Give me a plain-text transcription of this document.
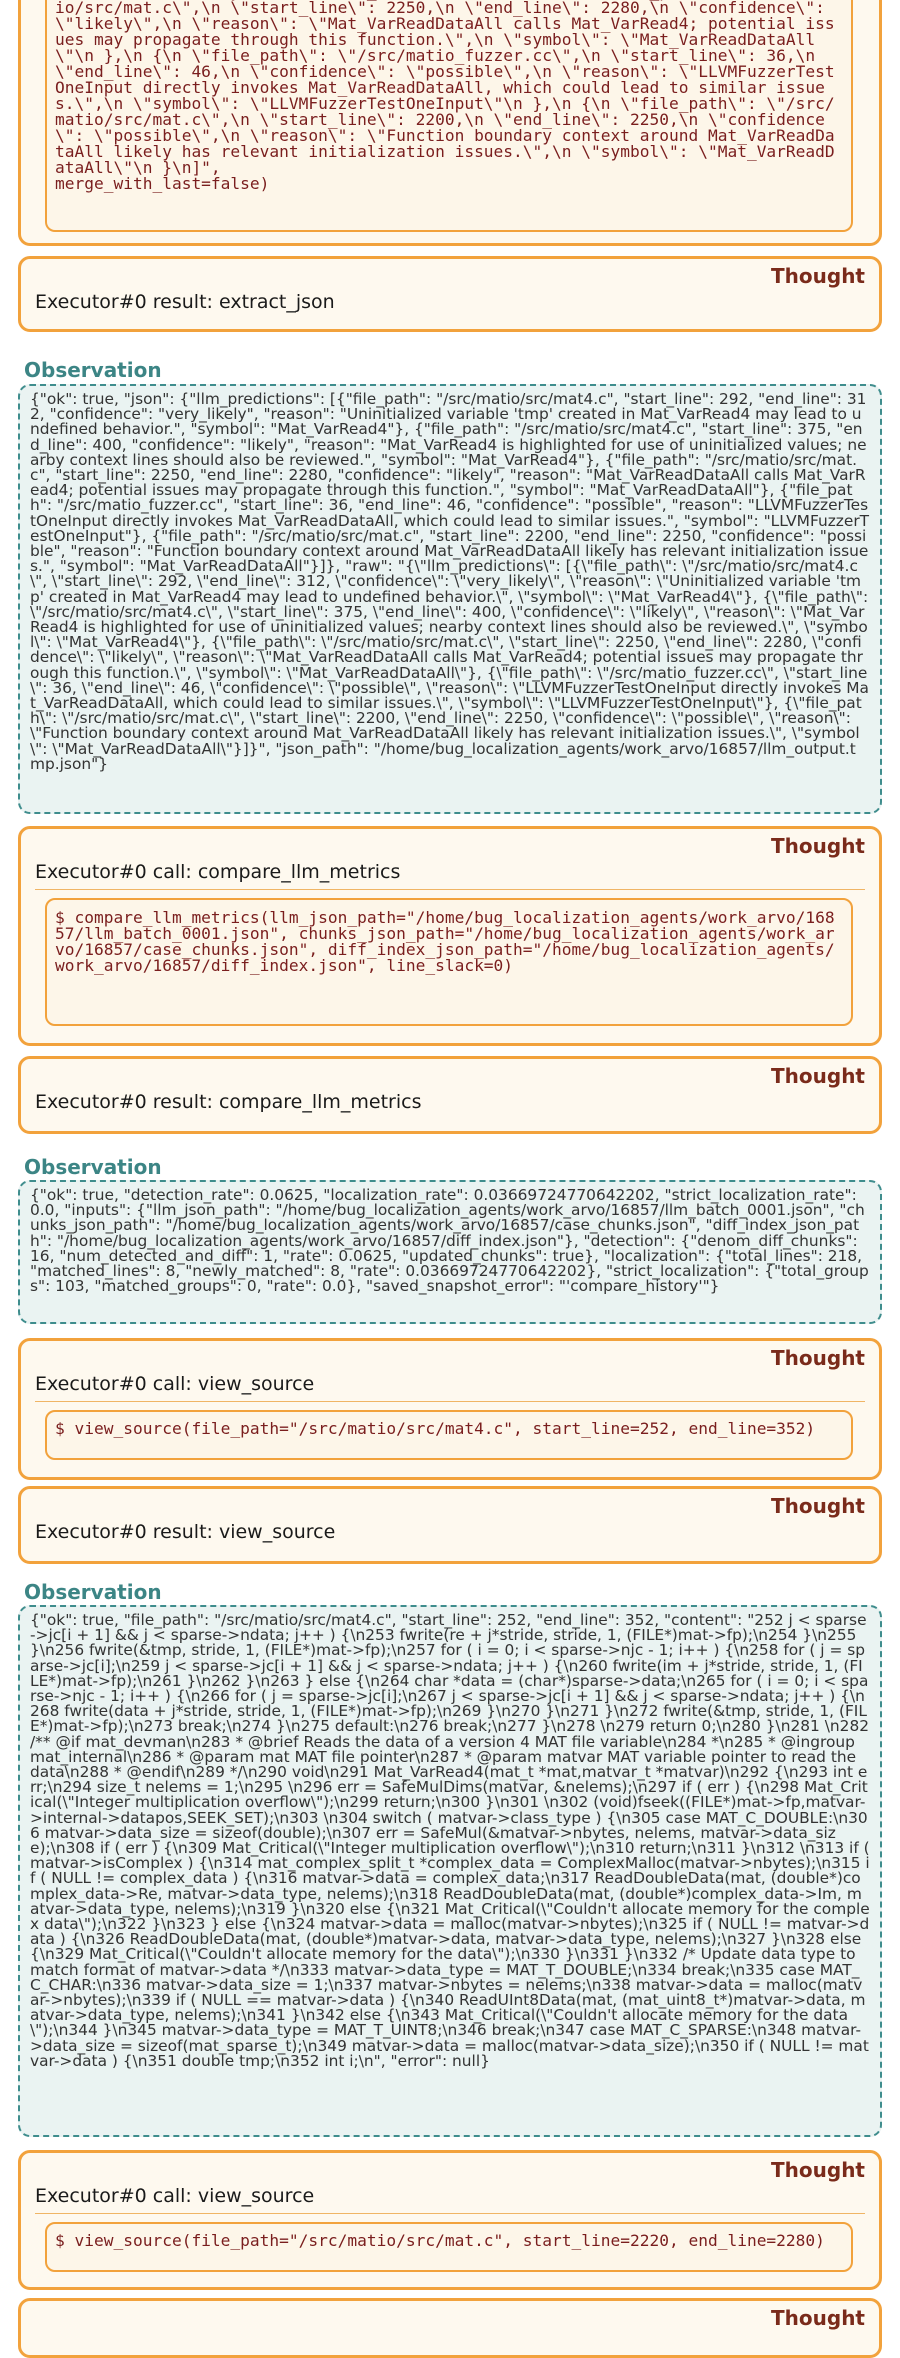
io/src/mat.c\",\n \"start_line\": 2250,\n \"end_line\": 2280,\n \"confidence\": \"likely\",\n \"reason\": \"Mat_VarReadDataAll calls Mat_VarRead4; potential issues may propagate through this function.\",\n \"symbol\": \"Mat_VarReadDataAll\"\n },\n {\n \"file_path\": \"/src/matio_fuzzer.cc\",\n \"start_line\": 36,\n \"end_line\": 46,\n \"confidence\": \"possible\",\n \"reason\": \"LLVMFuzzerTestOneInput directly invokes Mat_VarReadDataAll, which could lead to similar issues.\",\n \"symbol\": \"LLVMFuzzerTestOneInput\"\n },\n {\n \"file_path\": \"/src/matio/src/mat.c\",\n \"start_line\": 2200,\n \"end_line\": 2250,\n \"confidence\": \"possible\",\n \"reason\": \"Function boundary context around Mat_VarReadDataAll likely has relevant initialization issues.\",\n \"symbol\": \"Mat_VarReadDataAll\"\n }\n]",
merge_with_last=false)
Thought
Executor#0 result: extract_json
Observation
{"ok": true, "json": {"llm_predictions": [{"file_path": "/src/matio/src/mat4.c", "start_line": 292, "end_line": 312, "confidence": "very_likely", "reason": "Uninitialized variable 'tmp' created in Mat_VarRead4 may lead to undefined behavior.", "symbol": "Mat_VarRead4"}, {"file_path": "/src/matio/src/mat4.c", "start_line": 375, "end_line": 400, "confidence": "likely", "reason": "Mat_VarRead4 is highlighted for use of uninitialized values; nearby context lines should also be reviewed.", "symbol": "Mat_VarRead4"}, {"file_path": "/src/matio/src/mat.c", "start_line": 2250, "end_line": 2280, "confidence": "likely", "reason": "Mat_VarReadDataAll calls Mat_VarRead4; potential issues may propagate through this function.", "symbol": "Mat_VarReadDataAll"}, {"file_path": "/src/matio_fuzzer.cc", "start_line": 36, "end_line": 46, "confidence": "possible", "reason": "LLVMFuzzerTestOneInput directly invokes Mat_VarReadDataAll, which could lead to similar issues.", "symbol": "LLVMFuzzerTestOneInput"}, {"file_path": "/src/matio/src/mat.c", "start_line": 2200, "end_line": 2250, "confidence": "possible", "reason": "Function boundary context around Mat_VarReadDataAll likely has relevant initialization issues.", "symbol": "Mat_VarReadDataAll"}]}, "raw": "{\"llm_predictions\": [{\"file_path\": \"/src/matio/src/mat4.c\", \"start_line\": 292, \"end_line\": 312, \"confidence\": \"very_likely\", \"reason\": \"Uninitialized variable 'tmp' created in Mat_VarRead4 may lead to undefined behavior.\", \"symbol\": \"Mat_VarRead4\"}, {\"file_path\": \"/src/matio/src/mat4.c\", \"start_line\": 375, \"end_line\": 400, \"confidence\": \"likely\", \"reason\": \"Mat_VarRead4 is highlighted for use of uninitialized values; nearby context lines should also be reviewed.\", \"symbol\": \"Mat_VarRead4\"}, {\"file_path\": \"/src/matio/src/mat.c\", \"start_line\": 2250, \"end_line\": 2280, \"confidence\": \"likely\", \"reason\": \"Mat_VarReadDataAll calls Mat_VarRead4; potential issues may propagate through this function.\", \"symbol\": \"Mat_VarReadDataAll\"}, {\"file_path\": \"/src/matio_fuzzer.cc\", \"start_line\": 36, \"end_line\": 46, \"confidence\": \"possible\", \"reason\": \"LLVMFuzzerTestOneInput directly invokes Mat_VarReadDataAll, which could lead to similar issues.\", \"symbol\": \"LLVMFuzzerTestOneInput\"}, {\"file_path\": \"/src/matio/src/mat.c\", \"start_line\": 2200, \"end_line\": 2250, \"confidence\": \"possible\", \"reason\": \"Function boundary context around Mat_VarReadDataAll likely has relevant initialization issues.\", \"symbol\": \"Mat_VarReadDataAll\"}]}", "json_path": "/home/bug_localization_agents/work_arvo/16857/llm_output.tmp.json"}
Thought
Executor#0 call: compare_llm_metrics
$ compare_llm_metrics(llm_json_path="/home/bug_localization_agents/work_arvo/16857/llm_batch_0001.json", chunks_json_path="/home/bug_localization_agents/work_arvo/16857/case_chunks.json", diff_index_json_path="/home/bug_localization_agents/work_arvo/16857/diff_index.json", line_slack=0)
Thought
Executor#0 result: compare_llm_metrics
Observation
{"ok": true, "detection_rate": 0.0625, "localization_rate": 0.03669724770642202, "strict_localization_rate": 0.0, "inputs": {"llm_json_path": "/home/bug_localization_agents/work_arvo/16857/llm_batch_0001.json", "chunks_json_path": "/home/bug_localization_agents/work_arvo/16857/case_chunks.json", "diff_index_json_path": "/home/bug_localization_agents/work_arvo/16857/diff_index.json"}, "detection": {"denom_diff_chunks": 16, "num_detected_and_diff": 1, "rate": 0.0625, "updated_chunks": true}, "localization": {"total_lines": 218, "matched_lines": 8, "newly_matched": 8, "rate": 0.03669724770642202}, "strict_localization": {"total_groups": 103, "matched_groups": 0, "rate": 0.0}, "saved_snapshot_error": "'compare_history'"}
Thought
Executor#0 call: view_source
$ view_source(file_path="/src/matio/src/mat4.c", start_line=252, end_line=352)
Thought
Executor#0 result: view_source
Observation
{"ok": true, "file_path": "/src/matio/src/mat4.c", "start_line": 252, "end_line": 352, "content": "252 j < sparse->jc[i + 1] && j < sparse->ndata; j++ ) {\n253 fwrite(re + j*stride, stride, 1, (FILE*)mat->fp);\n254 }\n255 }\n256 fwrite(&tmp, stride, 1, (FILE*)mat->fp);\n257 for ( i = 0; i < sparse->njc - 1; i++ ) {\n258 for ( j = sparse->jc[i];\n259 j < sparse->jc[i + 1] && j < sparse->ndata; j++ ) {\n260 fwrite(im + j*stride, stride, 1, (FILE*)mat->fp);\n261 }\n262 }\n263 } else {\n264 char *data = (char*)sparse->data;\n265 for ( i = 0; i < sparse->njc - 1; i++ ) {\n266 for ( j = sparse->jc[i];\n267 j < sparse->jc[i + 1] && j < sparse->ndata; j++ ) {\n268 fwrite(data + j*stride, stride, 1, (FILE*)mat->fp);\n269 }\n270 }\n271 }\n272 fwrite(&tmp, stride, 1, (FILE*)mat->fp);\n273 break;\n274 }\n275 default:\n276 break;\n277 }\n278 \n279 return 0;\n280 }\n281 \n282 /** @if mat_devman\n283 * @brief Reads the data of a version 4 MAT file variable\n284 *\n285 * @ingroup mat_internal\n286 * @param mat MAT file pointer\n287 * @param matvar MAT variable pointer to read the data\n288 * @endif\n289 */\n290 void\n291 Mat_VarRead4(mat_t *mat,matvar_t *matvar)\n292 {\n293 int err;\n294 size_t nelems = 1;\n295 \n296 err = SafeMulDims(matvar, &nelems);\n297 if ( err ) {\n298 Mat_Critical(\"Integer multiplication overflow\");\n299 return;\n300 }\n301 \n302 (void)fseek((FILE*)mat->fp,matvar->internal->datapos,SEEK_SET);\n303 \n304 switch ( matvar->class_type ) {\n305 case MAT_C_DOUBLE:\n306 matvar->data_size = sizeof(double);\n307 err = SafeMul(&matvar->nbytes, nelems, matvar->data_size);\n308 if ( err ) {\n309 Mat_Critical(\"Integer multiplication overflow\");\n310 return;\n311 }\n312 \n313 if ( matvar->isComplex ) {\n314 mat_complex_split_t *complex_data = ComplexMalloc(matvar->nbytes);\n315 if ( NULL != complex_data ) {\n316 matvar->data = complex_data;\n317 ReadDoubleData(mat, (double*)complex_data->Re, matvar->data_type, nelems);\n318 ReadDoubleData(mat, (double*)complex_data->Im, matvar->data_type, nelems);\n319 }\n320 else {\n321 Mat_Critical(\"Couldn't allocate memory for the complex data\");\n322 }\n323 } else {\n324 matvar->data = malloc(matvar->nbytes);\n325 if ( NULL != matvar->data ) {\n326 ReadDoubleData(mat, (double*)matvar->data, matvar->data_type, nelems);\n327 }\n328 else {\n329 Mat_Critical(\"Couldn't allocate memory for the data\");\n330 }\n331 }\n332 /* Update data type to match format of matvar->data */\n333 matvar->data_type = MAT_T_DOUBLE;\n334 break;\n335 case MAT_C_CHAR:\n336 matvar->data_size = 1;\n337 matvar->nbytes = nelems;\n338 matvar->data = malloc(matvar->nbytes);\n339 if ( NULL == matvar->data ) {\n340 ReadUInt8Data(mat, (mat_uint8_t*)matvar->data, matvar->data_type, nelems);\n341 }\n342 else {\n343 Mat_Critical(\"Couldn't allocate memory for the data\");\n344 }\n345 matvar->data_type = MAT_T_UINT8;\n346 break;\n347 case MAT_C_SPARSE:\n348 matvar->data_size = sizeof(mat_sparse_t);\n349 matvar->data = malloc(matvar->data_size);\n350 if ( NULL != matvar->data ) {\n351 double tmp;\n352 int i;\n", "error": null}
Thought
Executor#0 call: view_source
$ view_source(file_path="/src/matio/src/mat.c", start_line=2220, end_line=2280)
Thought
